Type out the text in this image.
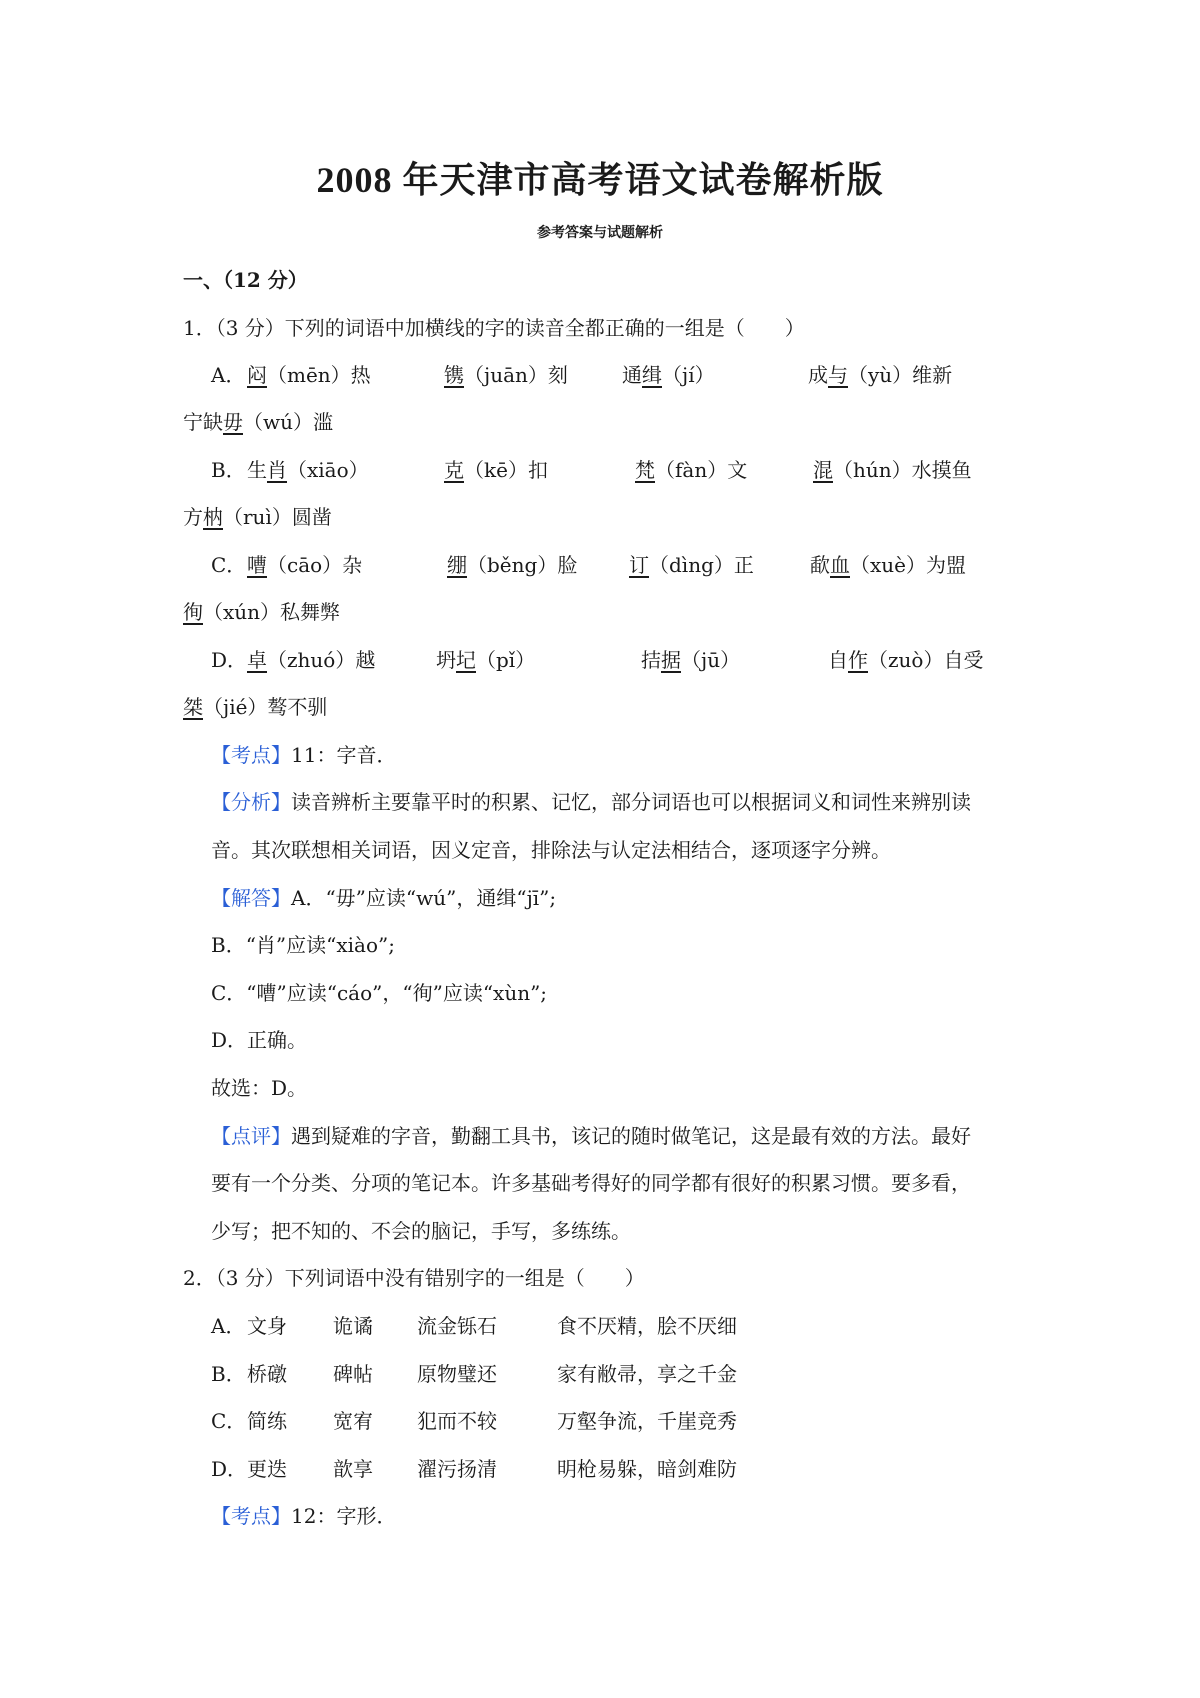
2008 年天津市高考语文试卷解析版
参考答案与试题解析
一、（12 分）
1．（3 分）下列的词语中加横线的字的读音全都正确的一组是（　　）
A． 闷（mēn）热	镌（juān）刻	通缉（jí）	成与（yù）维新
宁缺毋（wú）滥
B． 生肖（xiāo）	克（kē）扣	梵（fàn）文	混（hún）水摸鱼
方枘（ruì）圆凿
C． 嘈（cāo）杂	绷（běng）脸	订（dìng）正	歃血（xuè）为盟
徇（xún）私舞弊
D． 卓（zhuó）越	坍圮（pǐ）	拮据（jū）	自作（zuò）自受
桀（jié）骜不驯
【考点】11：字音．
【分析】读音辨析主要靠平时的积累、记忆，部分词语也可以根据词义和词性来辨别读
音。其次联想相关词语，因义定音，排除法与认定法相结合，逐项逐字分辨。
【解答】A．“毋”应读“wú”，通缉“jī”;
B．“肖”应读“xiào”;
C．“嘈”应读“cáo”，“徇”应读“xùn”;
D．正确。
故选：D。
【点评】遇到疑难的字音，勤翻工具书，该记的随时做笔记，这是最有效的方法。最好
要有一个分类、分项的笔记本。许多基础考得好的同学都有很好的积累习惯。要多看，
少写；把不知的、不会的脑记，手写，多练练。
2．（3 分）下列词语中没有错别字的一组是（　　）
A． 文身 诡谲 流金铄石	食不厌精，脍不厌细
B． 桥礅 碑帖 原物璧还	家有敝帚，享之千金
C． 简练 宽宥 犯而不较	万壑争流，千崖竞秀
D． 更迭 歆享 濯污扬清	明枪易躲，暗剑难防
【考点】12：字形．
